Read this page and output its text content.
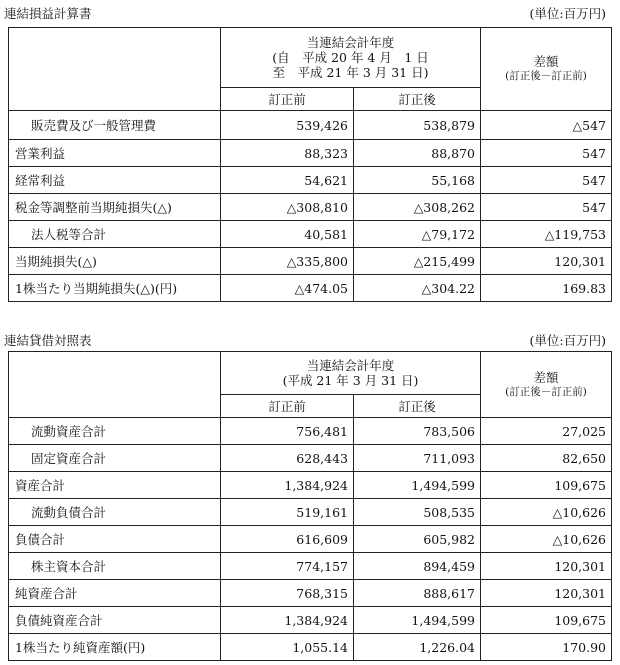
連結損益計算書	(単位:百万円)

	当連結会計年度
(自　平成 20 年 4 月　1 日
至　平成 21 年 3 月 31 日)		差額
(訂正後－訂正前)

	訂正前	訂正後	
販売費及び一般管理費	539,426	538,879	△547
営業利益	88,323	88,870	547
経常利益	54,621	55,168	547
税金等調整前当期純損失(△)	△308,810	△308,262	547
法人税等合計	40,581	△79,172	△119,753
当期純損失(△)	△335,800	△215,499	120,301
1株当たり当期純損失(△)(円)	△474.05	△304.22	169.83
連結貸借対照表	(単位:百万円)

	当連結会計年度
(平成 21 年 3 月 31 日)		差額
(訂正後－訂正前)

	訂正前	訂正後	
流動資産合計	756,481	783,506	27,025
固定資産合計	628,443	711,093	82,650
資産合計	1,384,924	1,494,599	109,675
流動負債合計	519,161	508,535	△10,626
負債合計	616,609	605,982	△10,626
株主資本合計	774,157	894,459	120,301
純資産合計	768,315	888,617	120,301
負債純資産合計	1,384,924	1,494,599	109,675
1株当たり純資産額(円)	1,055.14	1,226.04	170.90
